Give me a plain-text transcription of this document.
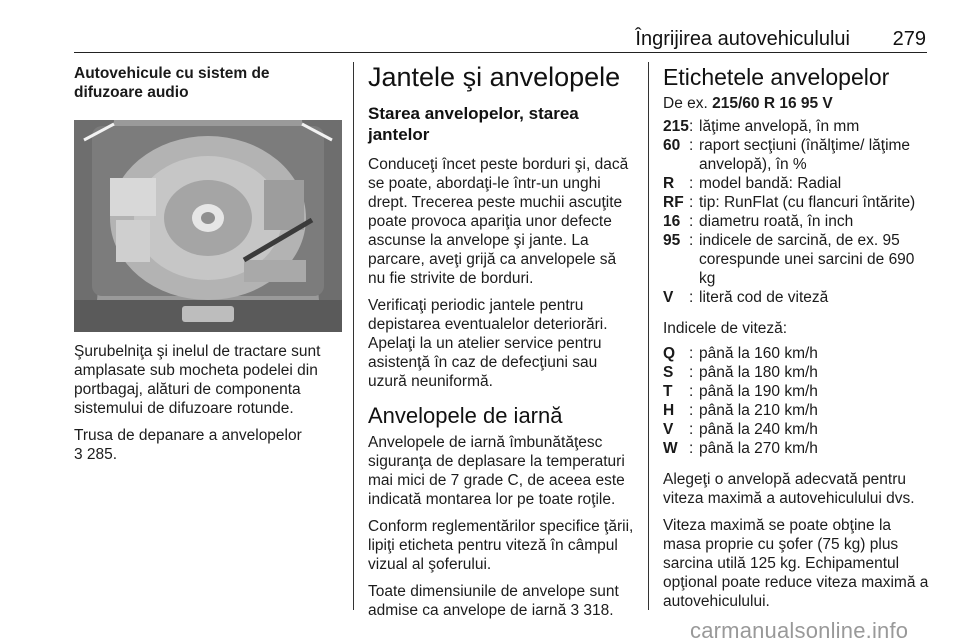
Îngrijirea autovehiculului	279
Autovehicule cu sistem de difuzoare audio

Şurubelniţa şi inelul de tractare sunt amplasate sub mocheta podelei din portbagaj, alături de componenta sistemului de difuzoare rotunde.

Trusa de depanare a anvelopelor
3 285.

Jantele şi anvelopele
Starea anvelopelor, starea jantelor

Conduceţi încet peste borduri şi, dacă se poate, abordaţi-le într-un unghi drept. Trecerea peste muchii ascuţite poate provoca apariţia unor defecte ascunse la anvelope şi jante. La parcare, aveţi grijă ca anvelopele să nu fie strivite de borduri.

Verificaţi periodic jantele pentru depistarea eventualelor deteriorări. Apelaţi la un atelier service pentru asistenţă în caz de defecţiuni sau uzură neuniformă.

Anvelopele de iarnă

Anvelopele de iarnă îmbunătăţesc siguranţa de deplasare la temperaturi mai mici de 7 grade C, de aceea este indicată montarea lor pe toate roţile.

Conform reglementărilor specifice ţării, lipiţi eticheta pentru viteză în câmpul vizual al şoferului.

Toate dimensiunile de anvelope sunt admise ca anvelope de iarnă 3 318.

Etichetele anvelopelor

De ex. 215/60 R 16 95 V

215 : lăţime anvelopă, în mm
60 : raport secţiuni (înălţime/ lăţime anvelopă), în %
R : model bandă: Radial
RF : tip: RunFlat (cu flancuri întărite)
16 : diametru roată, în inch
95 : indicele de sarcină, de ex. 95 corespunde unei sarcini de 690 kg
V	: literă cod de viteză

Indicele de viteză:

Q : până la 160 km/h
S	: până la 180 km/h
T	: până la 190 km/h
H : până la 210 km/h
V	: până la 240 km/h
W : până la 270 km/h

Alegeţi o anvelopă adecvată pentru viteza maximă a autovehiculului dvs.

Viteza maximă se poate obţine la masa proprie cu şofer (75 kg) plus sarcina utilă 125 kg. Echipamentul opţional poate reduce viteza maximă a autovehiculului.

carmanualsonline.info
